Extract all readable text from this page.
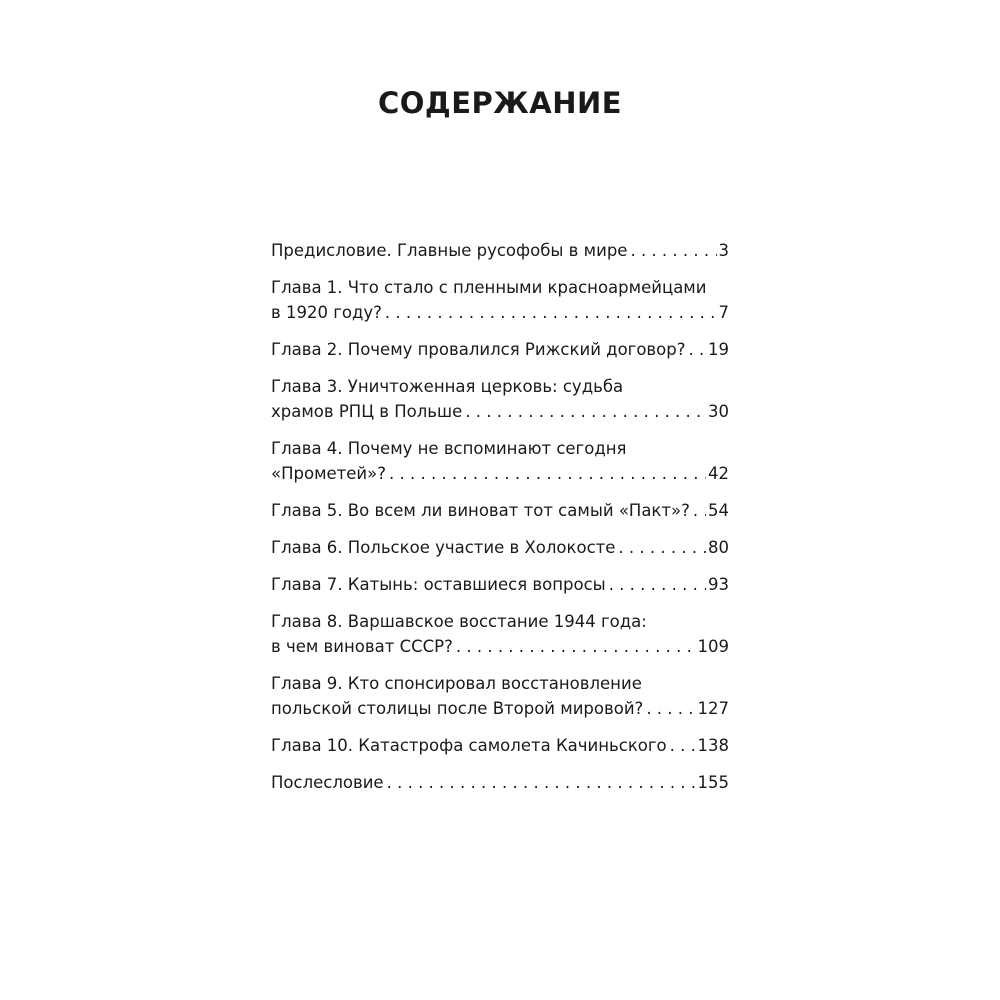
СОДЕРЖАНИЕ
Предисловие. Главные русофобы в мире . . .	3
Глава 1. Что стало с пленными красноармейцами
в 1920 году? . . .	7
Глава 2. Почему провалился Рижский договор? . . . 19
Глава 3. Уничтоженная церковь: судьба
храмов РПЦ в Польше . . .	30
Глава 4. Почему не вспоминают сегодня
«Прометей»? . . .	42
Глава 5. Во всем ли виноват тот самый «Пакт»? . . . 54
Глава 6. Польское участие в Холокосте . . .	80
Глава 7. Катынь: оставшиеся вопросы . . .	93
Глава 8. Варшавское восстание 1944 года:
в чем виноват СССР? . . .	109
Глава 9. Кто спонсировал восстановление
польской столицы после Второй мировой? . . .	127
Глава 10. Катастрофа самолета Качиньского . . . 138
Послесловие . . .	155
